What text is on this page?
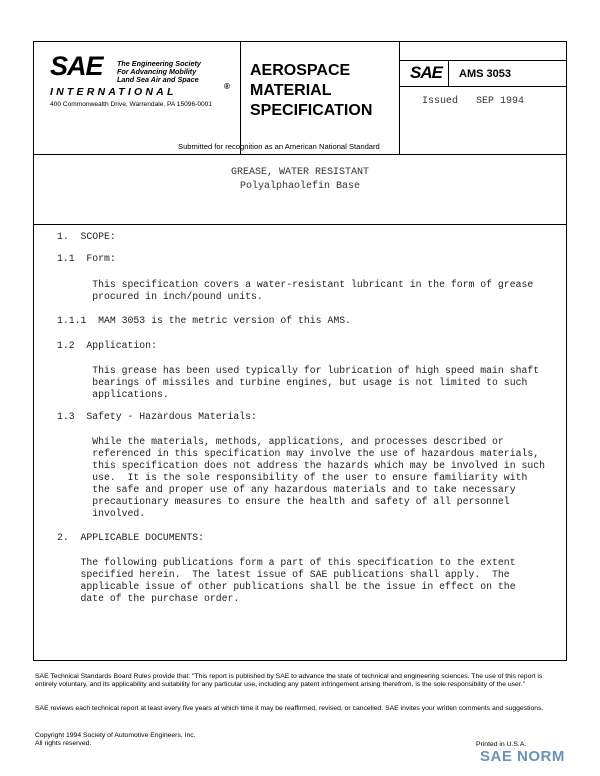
SAE The Engineering Society
For Advancing Mobility
Land Sea Air and Space
INTERNATIONAL	®
400 Commonwealth Drive, Warrendale, PA 15096-0001
AEROSPACE
MATERIAL
SPECIFICATION
Submitted for recognition as an American National Standard
SAE AMS 3053
Issued   SEP 1994
GREASE, WATER RESISTANT
Polyalphaolefin Base
1.  SCOPE:
1.1  Form:
This specification covers a water-resistant lubricant in the form of grease
procured in inch/pound units.
1.1.1  MAM 3053 is the metric version of this AMS.
1.2  Application:
This grease has been used typically for lubrication of high speed main shaft
bearings of missiles and turbine engines, but usage is not limited to such
applications.
1.3  Safety - Hazardous Materials:
While the materials, methods, applications, and processes described or
referenced in this specification may involve the use of hazardous materials,
this specification does not address the hazards which may be involved in such
use.  It is the sole responsibility of the user to ensure familiarity with
the safe and proper use of any hazardous materials and to take necessary
precautionary measures to ensure the health and safety of all personnel
involved.
2.  APPLICABLE DOCUMENTS:
The following publications form a part of this specification to the extent
specified herein.  The latest issue of SAE publications shall apply.  The
applicable issue of other publications shall be the issue in effect on the
date of the purchase order.
SAE Technical Standards Board Rules provide that: "This report is published by SAE to advance the state of technical and engineering sciences. The use of this report is entirely voluntary, and its applicability and suitability for any particular use, including any patent infringement arising therefrom, is the sole responsibility of the user."
SAE reviews each technical report at least every five years at which time it may be reaffirmed, revised, or cancelled. SAE invites your written comments and suggestions.
Copyright 1994 Society of Automotive Engineers, Inc.
All rights reserved.	Printed in U.S.A.
SAE NORM
